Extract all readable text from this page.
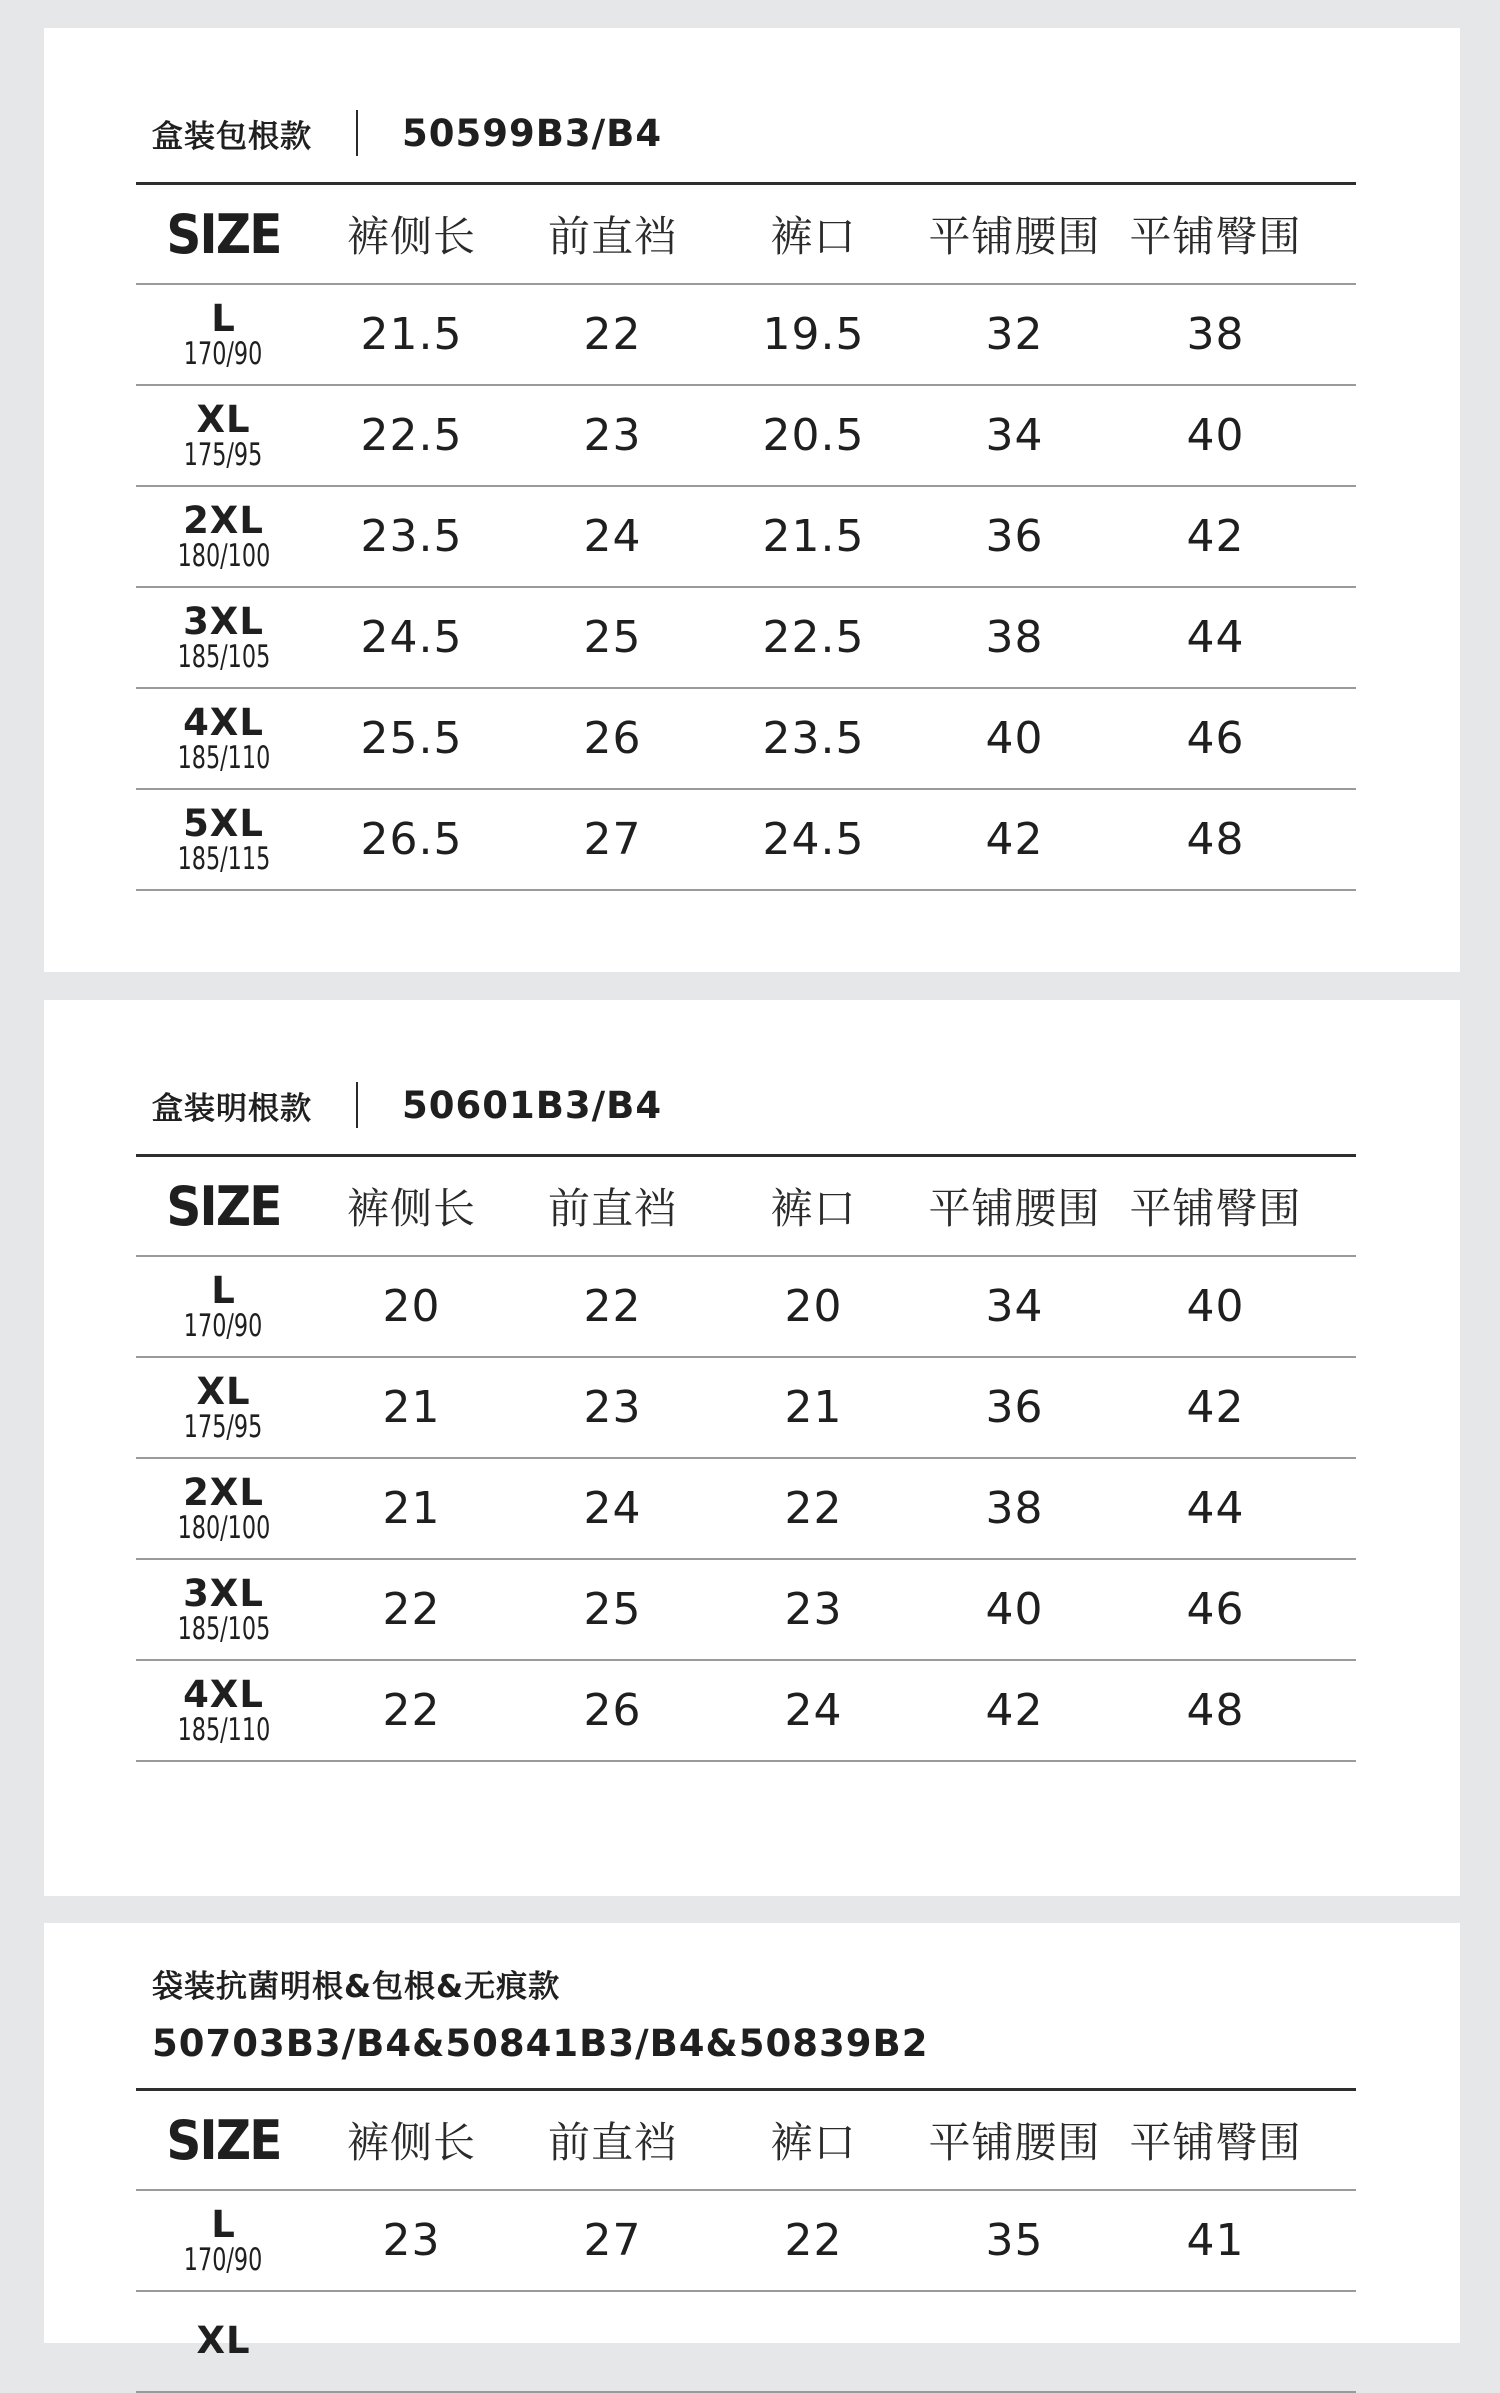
盒装包根款 50599B3/B4
SIZE	裤侧长	前直裆	裤口	平铺腰围 平铺臀围
L
170/90	21.5	22	19.5	32	38
XL
175/95	22.5	23	20.5	34	40
2XL
180/100	23.5	24	21.5	36	42
3XL
185/105	24.5	25	22.5	38	44
4XL
185/110	25.5	26	23.5	40	46
5XL
185/115	26.5	27	24.5	42	48
盒装明根款 50601B3/B4
SIZE	裤侧长	前直裆	裤口	平铺腰围 平铺臀围
L
170/90	20	22	20	34	40
XL
175/95	21	23	21	36	42
2XL
180/100	21	24	22	38	44
3XL
185/105	22	25	23	40	46
4XL
185/110	22	26	24	42	48
袋装抗菌明根&包根&无痕款
50703B3/B4&50841B3/B4&50839B2
SIZE	裤侧长	前直裆	裤口	平铺腰围 平铺臀围
L
170/90	23	27	22	35	41
XL
